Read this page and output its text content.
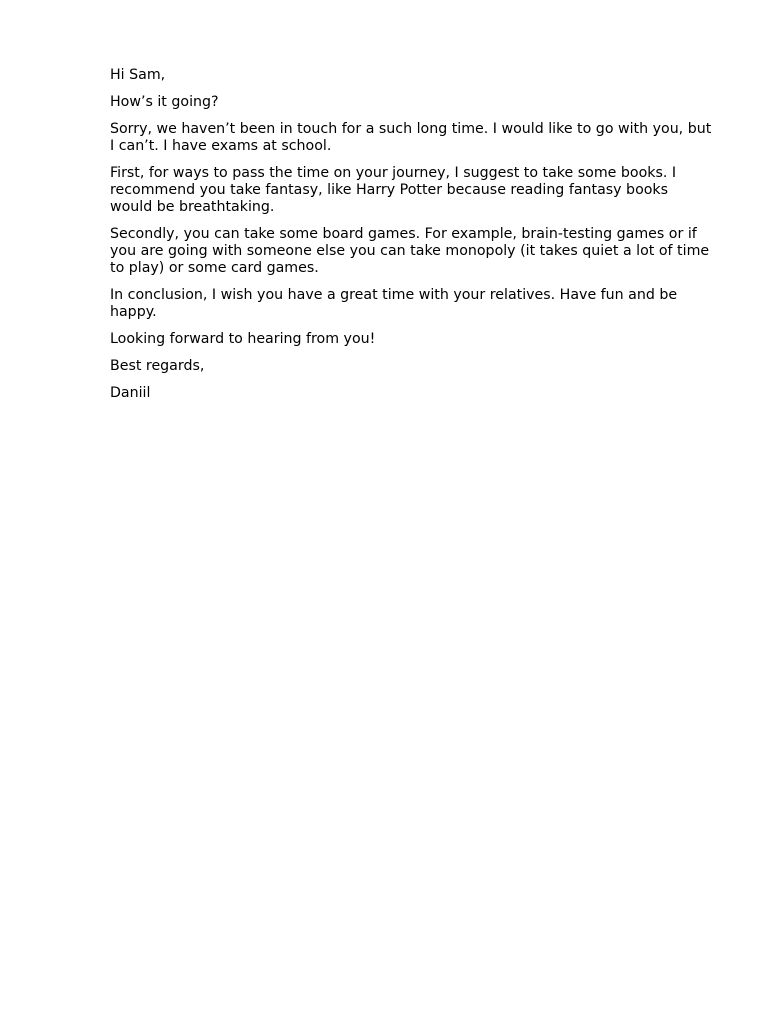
Hi Sam,

How’s it going?

Sorry, we haven’t been in touch for a such long time. I would like to go with you, but I can’t. I have exams at school.

First, for ways to pass the time on your journey, I suggest to take some books. I recommend you take fantasy, like Harry Potter because reading fantasy books would be breathtaking.

Secondly, you can take some board games. For example, brain-testing games or if you are going with someone else you can take monopoly (it takes quiet a lot of time to play) or some card games.

In conclusion, I wish you have a great time with your relatives. Have fun and be happy.

Looking forward to hearing from you!

Best regards,

Daniil
